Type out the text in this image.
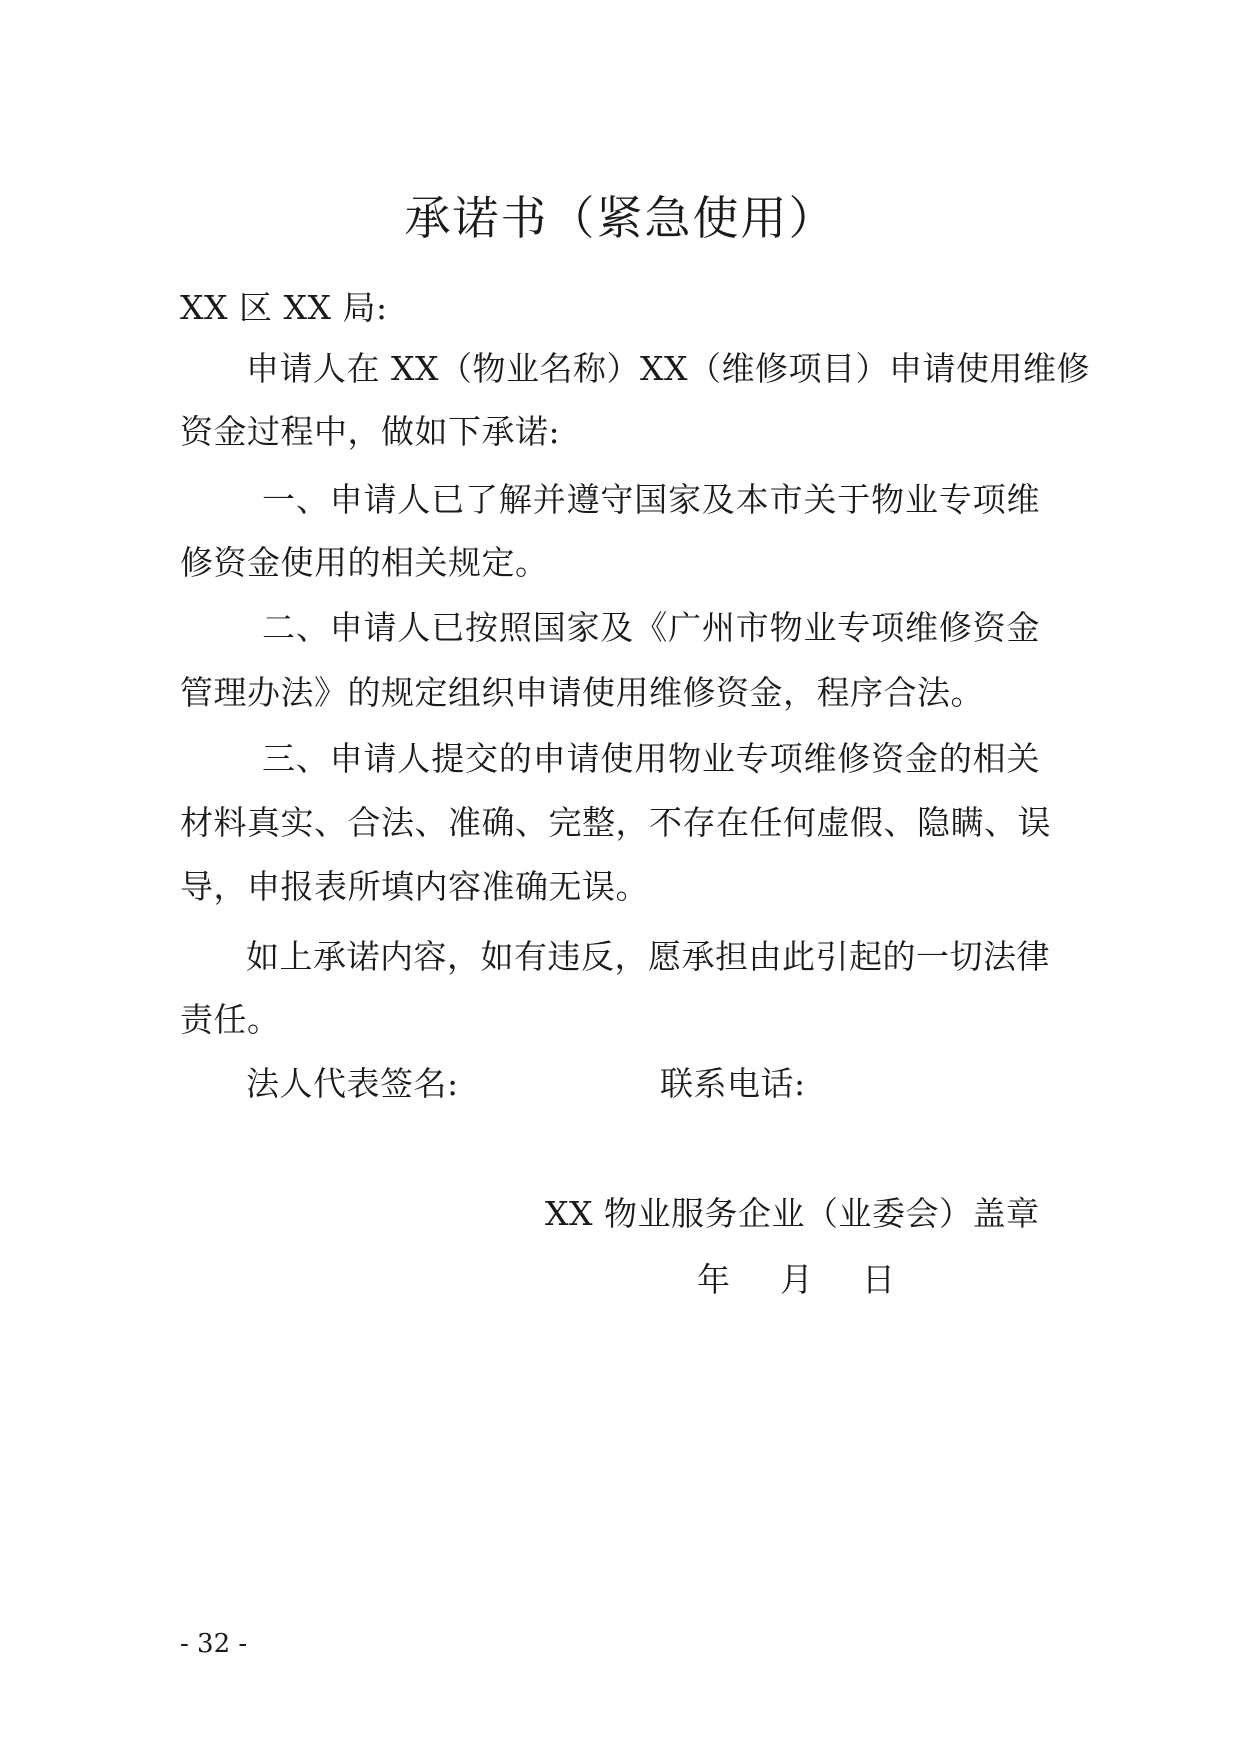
承诺书（紧急使用）
XX 区 XX 局:
申请人在 XX（物业名称）XX（维修项目）申请使用维修
资金过程中，做如下承诺:
一、申请人已了解并遵守国家及本市关于物业专项维
修资金使用的相关规定。
二、申请人已按照国家及《广州市物业专项维修资金
管理办法》的规定组织申请使用维修资金，程序合法。
三、申请人提交的申请使用物业专项维修资金的相关
材料真实、合法、准确、完整，不存在任何虚假、隐瞒、误
导，申报表所填内容准确无误。
如上承诺内容，如有违反，愿承担由此引起的一切法律
责任。
法人代表签名:	联系电话:
XX 物业服务企业（业委会）盖章
年 月 日
- 32 -
